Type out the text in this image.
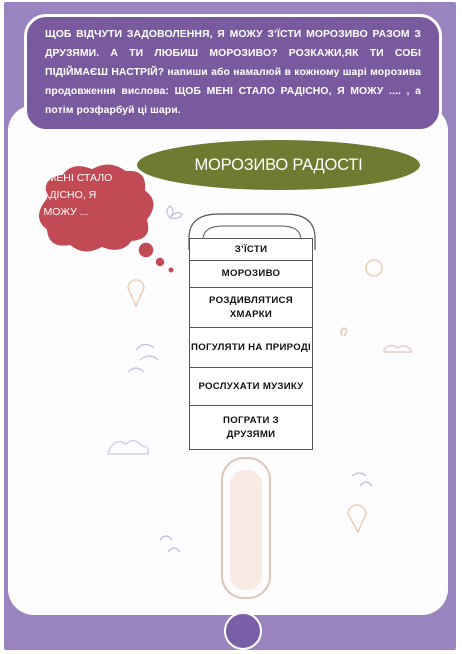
ЩОБ ВІДЧУТИ ЗАДОВОЛЕННЯ, Я МОЖУ З’ЇСТИ МОРОЗИВО РАЗОМ З ДРУЗЯМИ. А ТИ ЛЮБИШ МОРОЗИВО? РОЗКАЖИ,ЯК ТИ СОБІ ПІДІЙМАЄШ НАСТРІЙ? напиши або намалюй в кожному шарі морозива продовження вислова: ЩОБ МЕНІ СТАЛО РАДІСНО, Я МОЖУ .... , а потім розфарбуй ці шари.

МОРОЗИВО РАДОСТІ
ЩОБ МЕНІ СТАЛО РАДІСНО, Я МОЖУ ...
З’ЇСТИ
МОРОЗИВО
РОЗДИВЛЯТИСЯ ХМАРКИ
ПОГУЛЯТИ НА ПРИРОДІ
РОСЛУХАТИ МУЗИКУ
ПОГРАТИ З ДРУЗЯМИ
